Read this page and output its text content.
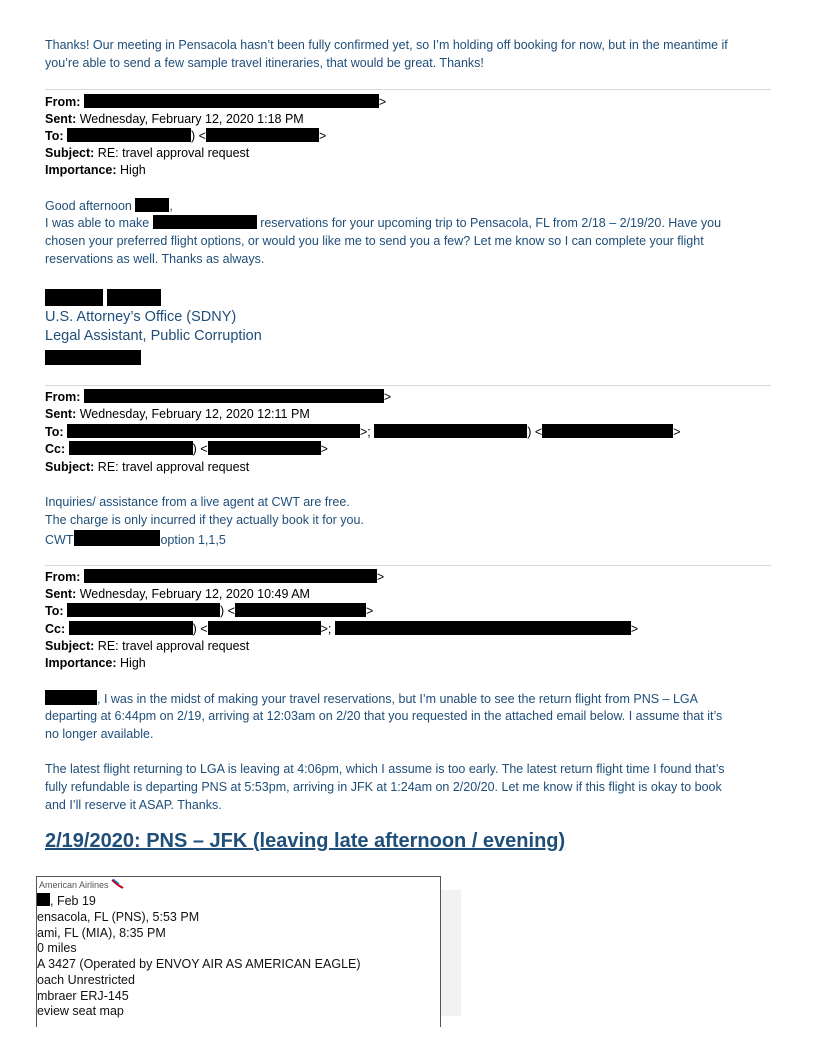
Thanks! Our meeting in Pensacola hasn’t been fully confirmed yet, so I’m holding off booking for now, but in the meantime if
you’re able to send a few sample travel itineraries, that would be great. Thanks!
From:	>
Sent: Wednesday, February 12, 2020 1:18 PM
To:	) <	>
Subject: RE: travel approval request
Importance: High
Good afternoon	,
I was able to make	reservations for your upcoming trip to Pensacola, FL from 2/18 – 2/19/20. Have you
chosen your preferred flight options, or would you like me to send you a few? Let me know so I can complete your flight
reservations as well. Thanks as always.

U.S. Attorney’s Office (SDNY)
Legal Assistant, Public Corruption
From:	>
Sent: Wednesday, February 12, 2020 12:11 PM
To:	>;	) <	>
Cc:	) <	>
Subject: RE: travel approval request
Inquiries/ assistance from a live agent at CWT are free.
The charge is only incurred if they actually book it for you.
CWT	option 1,1,5
From:	>
Sent: Wednesday, February 12, 2020 10:49 AM
To:	) <	>
Cc:	) <	>;	>
Subject: RE: travel approval request
Importance: High
, I was in the midst of making your travel reservations, but I’m unable to see the return flight from PNS – LGA
departing at 6:44pm on 2/19, arriving at 12:03am on 2/20 that you requested in the attached email below. I assume that it’s
no longer available.
The latest flight returning to LGA is leaving at 4:06pm, which I assume is too early. The latest return flight time I found that’s
fully refundable is departing PNS at 5:53pm, arriving in JFK at 1:24am on 2/20/20. Let me know if this flight is okay to book
and I’ll reserve it ASAP. Thanks.
2/19/2020: PNS – JFK (leaving late afternoon / evening)
American Airlines
, Feb 19
ensacola, FL (PNS), 5:53 PM
ami, FL (MIA), 8:35 PM
0 miles
A 3427 (Operated by ENVOY AIR AS AMERICAN EAGLE)
oach Unrestricted
mbraer ERJ-145
eview seat map
